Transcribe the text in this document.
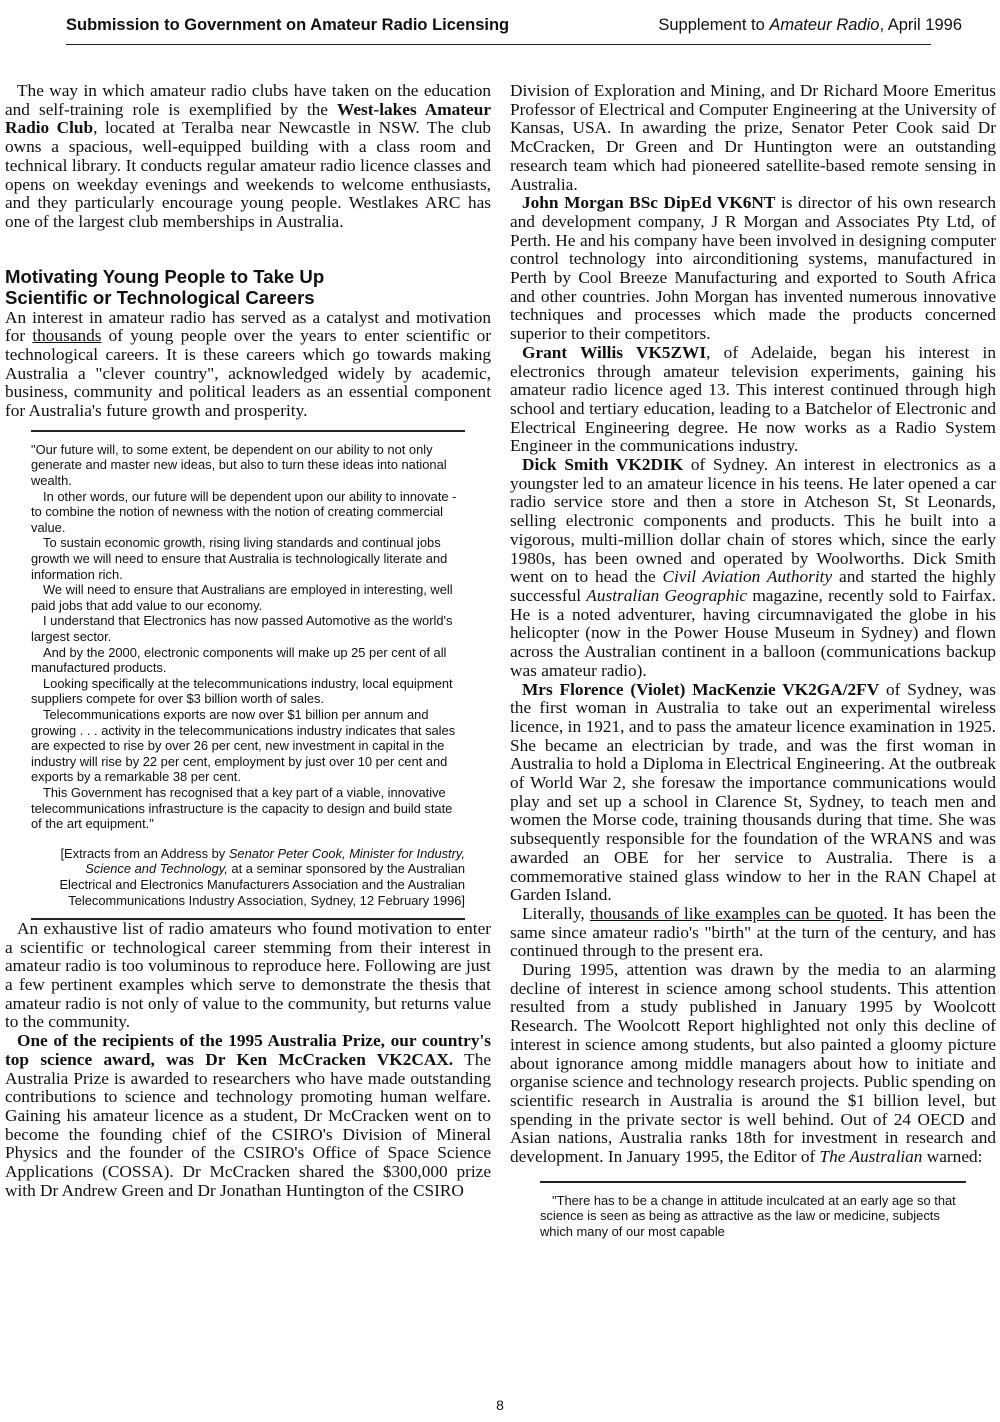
Submission to Government on Amateur Radio Licensing	Supplement to Amateur Radio, April 1996

The way in which amateur radio clubs have taken on the education and self-training role is exemplified by the West-lakes Amateur Radio Club, located at Teralba near Newcastle in NSW. The club owns a spacious, well-equipped building with a class room and technical library. It conducts regular amateur radio licence classes and opens on weekday evenings and weekends to welcome enthusiasts, and they particularly encourage young people. Westlakes ARC has one of the largest club memberships in Australia.

Motivating Young People to Take Up
Scientific or Technological Careers

An interest in amateur radio has served as a catalyst and motivation for thousands of young people over the years to enter scientific or technological careers. It is these careers which go towards making Australia a "clever country", acknowledged widely by academic, business, community and political leaders as an essential component for Australia's future growth and prosperity.

"Our future will, to some extent, be dependent on our ability to not only generate and master new ideas, but also to turn these ideas into national wealth.

In other words, our future will be dependent upon our ability to innovate - to combine the notion of newness with the notion of creating commercial value.

To sustain economic growth, rising living standards and continual jobs growth we will need to ensure that Australia is technologically literate and information rich.

We will need to ensure that Australians are employed in interesting, well paid jobs that add value to our economy.

I understand that Electronics has now passed Automotive as the world's largest sector.

And by the 2000, electronic components will make up 25 per cent of all manufactured products.

Looking specifically at the telecommunications industry, local equipment suppliers compete for over $3 billion worth of sales.

Telecommunications exports are now over $1 billion per annum and growing . . . activity in the telecommunications industry indicates that sales are expected to rise by over 26 per cent, new investment in capital in the industry will rise by 22 per cent, employment by just over 10 per cent and exports by a remarkable 38 per cent.

This Government has recognised that a key part of a viable, innovative telecommunications infrastructure is the capacity to design and build state of the art equipment."

[Extracts from an Address by Senator Peter Cook, Minister for Industry, Science and Technology, at a seminar sponsored by the Australian Electrical and Electronics Manufacturers Association and the Australian Telecommunications Industry Association, Sydney, 12 February 1996]

An exhaustive list of radio amateurs who found motivation to enter a scientific or technological career stemming from their interest in amateur radio is too voluminous to reproduce here. Following are just a few pertinent examples which serve to demonstrate the thesis that amateur radio is not only of value to the community, but returns value to the community.

One of the recipients of the 1995 Australia Prize, our country's top science award, was Dr Ken McCracken VK2CAX. The Australia Prize is awarded to researchers who have made outstanding contributions to science and technology promoting human welfare. Gaining his amateur licence as a student, Dr McCracken went on to become the founding chief of the CSIRO's Division of Mineral Physics and the founder of the CSIRO's Office of Space Science Applications (COSSA). Dr McCracken shared the $300,000 prize with Dr Andrew Green and Dr Jonathan Huntington of the CSIRO

Division of Exploration and Mining, and Dr Richard Moore Emeritus Professor of Electrical and Computer Engineering at the University of Kansas, USA. In awarding the prize, Senator Peter Cook said Dr McCracken, Dr Green and Dr Huntington were an outstanding research team which had pioneered satellite-based remote sensing in Australia.

John Morgan BSc DipEd VK6NT is director of his own research and development company, J R Morgan and Associates Pty Ltd, of Perth. He and his company have been involved in designing computer control technology into airconditioning systems, manufactured in Perth by Cool Breeze Manufacturing and exported to South Africa and other countries. John Morgan has invented numerous innovative techniques and processes which made the products concerned superior to their competitors.

Grant Willis VK5ZWI, of Adelaide, began his interest in electronics through amateur television experiments, gaining his amateur radio licence aged 13. This interest continued through high school and tertiary education, leading to a Batchelor of Electronic and Electrical Engineering degree. He now works as a Radio System Engineer in the communications industry.

Dick Smith VK2DIK of Sydney. An interest in electronics as a youngster led to an amateur licence in his teens. He later opened a car radio service store and then a store in Atcheson St, St Leonards, selling electronic components and products. This he built into a vigorous, multi-million dollar chain of stores which, since the early 1980s, has been owned and operated by Woolworths. Dick Smith went on to head the Civil Aviation Authority and started the highly successful Australian Geographic magazine, recently sold to Fairfax. He is a noted adventurer, having circumnavigated the globe in his helicopter (now in the Power House Museum in Sydney) and flown across the Australian continent in a balloon (communications backup was amateur radio).

Mrs Florence (Violet) MacKenzie VK2GA/2FV of Sydney, was the first woman in Australia to take out an experimental wireless licence, in 1921, and to pass the amateur licence examination in 1925. She became an electrician by trade, and was the first woman in Australia to hold a Diploma in Electrical Engineering. At the outbreak of World War 2, she foresaw the importance communications would play and set up a school in Clarence St, Sydney, to teach men and women the Morse code, training thousands during that time. She was subsequently responsible for the foundation of the WRANS and was awarded an OBE for her service to Australia. There is a commemorative stained glass window to her in the RAN Chapel at Garden Island.

Literally, thousands of like examples can be quoted. It has been the same since amateur radio's "birth" at the turn of the century, and has continued through to the present era.

During 1995, attention was drawn by the media to an alarming decline of interest in science among school students. This attention resulted from a study published in January 1995 by Woolcott Research. The Woolcott Report highlighted not only this decline of interest in science among students, but also painted a gloomy picture about ignorance among middle managers about how to initiate and organise science and technology research projects. Public spending on scientific research in Australia is around the $1 billion level, but spending in the private sector is well behind. Out of 24 OECD and Asian nations, Australia ranks 18th for investment in research and development. In January 1995, the Editor of The Australian warned:

"There has to be a change in attitude inculcated at an early age so that science is seen as being as attractive as the law or medicine, subjects which many of our most capable

8
